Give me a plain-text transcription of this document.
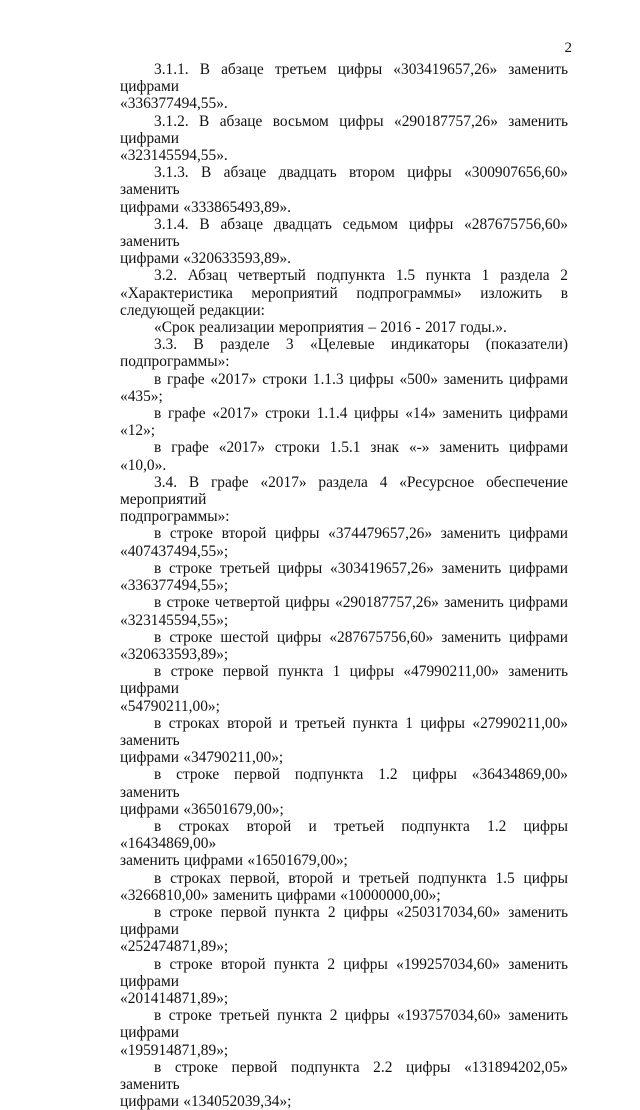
2

3.1.1. В абзаце третьем цифры «303419657,26» заменить цифрами
«336377494,55».

3.1.2. В абзаце восьмом цифры «290187757,26» заменить цифрами
«323145594,55».

3.1.3. В абзаце двадцать втором цифры «300907656,60» заменить
цифрами «333865493,89».

3.1.4. В абзаце двадцать седьмом цифры «287675756,60» заменить
цифрами «320633593,89».

3.2. Абзац четвертый подпункта 1.5 пункта 1 раздела 2
«Характеристика мероприятий подпрограммы» изложить в следующей редакции:

«Срок реализации мероприятия – 2016 - 2017 годы.».

3.3. В разделе 3 «Целевые индикаторы (показатели)
подпрограммы»:

в графе «2017» строки 1.1.3 цифры «500» заменить цифрами «435»;

в графе «2017» строки 1.1.4 цифры «14» заменить цифрами «12»;

в графе «2017» строки 1.5.1 знак «-» заменить цифрами «10,0».

3.4. В графе «2017» раздела 4 «Ресурсное обеспечение мероприятий
подпрограммы»:

в строке второй цифры «374479657,26» заменить цифрами
«407437494,55»;

в строке третьей цифры «303419657,26» заменить цифрами
«336377494,55»;

в строке четвертой цифры «290187757,26» заменить цифрами
«323145594,55»;

в строке шестой цифры «287675756,60» заменить цифрами
«320633593,89»;

в строке первой пункта 1 цифры «47990211,00» заменить цифрами
«54790211,00»;

в строках второй и третьей пункта 1 цифры «27990211,00» заменить
цифрами «34790211,00»;

в строке первой подпункта 1.2 цифры «36434869,00» заменить
цифрами «36501679,00»;

в строках второй и третьей подпункта 1.2 цифры «16434869,00»
заменить цифрами «16501679,00»;

в строках первой, второй и третьей подпункта 1.5 цифры
«3266810,00» заменить цифрами «10000000,00»;

в строке первой пункта 2 цифры «250317034,60» заменить цифрами
«252474871,89»;

в строке второй пункта 2 цифры «199257034,60» заменить цифрами
«201414871,89»;

в строке третьей пункта 2 цифры «193757034,60» заменить цифрами
«195914871,89»;

в строке первой подпункта 2.2 цифры «131894202,05» заменить
цифрами «134052039,34»;
